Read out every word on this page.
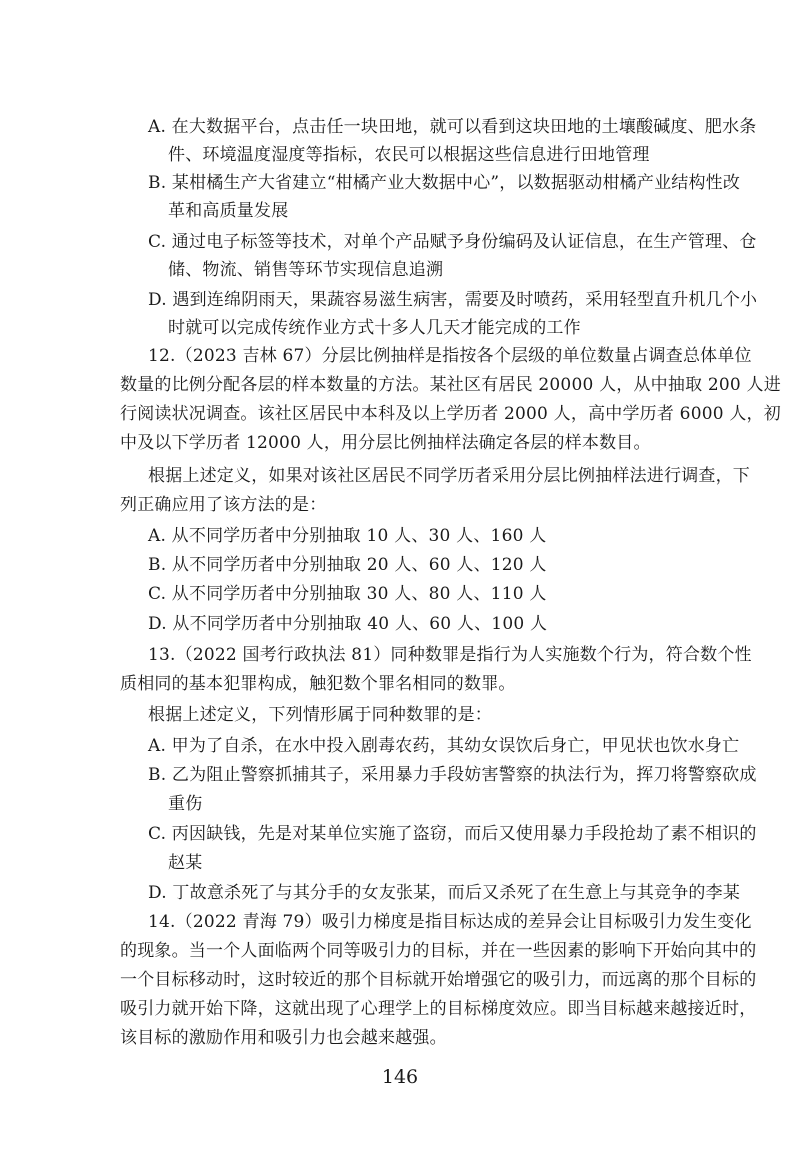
A. 在大数据平台，点击任一块田地，就可以看到这块田地的土壤酸碱度、肥水条
件、环境温度湿度等指标，农民可以根据这些信息进行田地管理
B. 某柑橘生产大省建立“柑橘产业大数据中心”，以数据驱动柑橘产业结构性改
革和高质量发展
C. 通过电子标签等技术，对单个产品赋予身份编码及认证信息，在生产管理、仓
储、物流、销售等环节实现信息追溯
D. 遇到连绵阴雨天，果蔬容易滋生病害，需要及时喷药，采用轻型直升机几个小
时就可以完成传统作业方式十多人几天才能完成的工作
12.（2023 吉林 67）分层比例抽样是指按各个层级的单位数量占调查总体单位
数量的比例分配各层的样本数量的方法。某社区有居民 20000 人，从中抽取 200 人进
行阅读状况调查。该社区居民中本科及以上学历者 2000 人，高中学历者 6000 人，初
中及以下学历者 12000 人，用分层比例抽样法确定各层的样本数目。
根据上述定义，如果对该社区居民不同学历者采用分层比例抽样法进行调查，下
列正确应用了该方法的是：
A. 从不同学历者中分别抽取 10 人、30 人、160 人
B. 从不同学历者中分别抽取 20 人、60 人、120 人
C. 从不同学历者中分别抽取 30 人、80 人、110 人
D. 从不同学历者中分别抽取 40 人、60 人、100 人
13.（2022 国考行政执法 81）同种数罪是指行为人实施数个行为，符合数个性
质相同的基本犯罪构成，触犯数个罪名相同的数罪。
根据上述定义，下列情形属于同种数罪的是：
A. 甲为了自杀，在水中投入剧毒农药，其幼女误饮后身亡，甲见状也饮水身亡
B. 乙为阻止警察抓捕其子，采用暴力手段妨害警察的执法行为，挥刀将警察砍成
重伤
C. 丙因缺钱，先是对某单位实施了盗窃，而后又使用暴力手段抢劫了素不相识的
赵某
D. 丁故意杀死了与其分手的女友张某，而后又杀死了在生意上与其竞争的李某
14.（2022 青海 79）吸引力梯度是指目标达成的差异会让目标吸引力发生变化
的现象。当一个人面临两个同等吸引力的目标，并在一些因素的影响下开始向其中的
一个目标移动时，这时较近的那个目标就开始增强它的吸引力，而远离的那个目标的
吸引力就开始下降，这就出现了心理学上的目标梯度效应。即当目标越来越接近时，
该目标的激励作用和吸引力也会越来越强。
146
